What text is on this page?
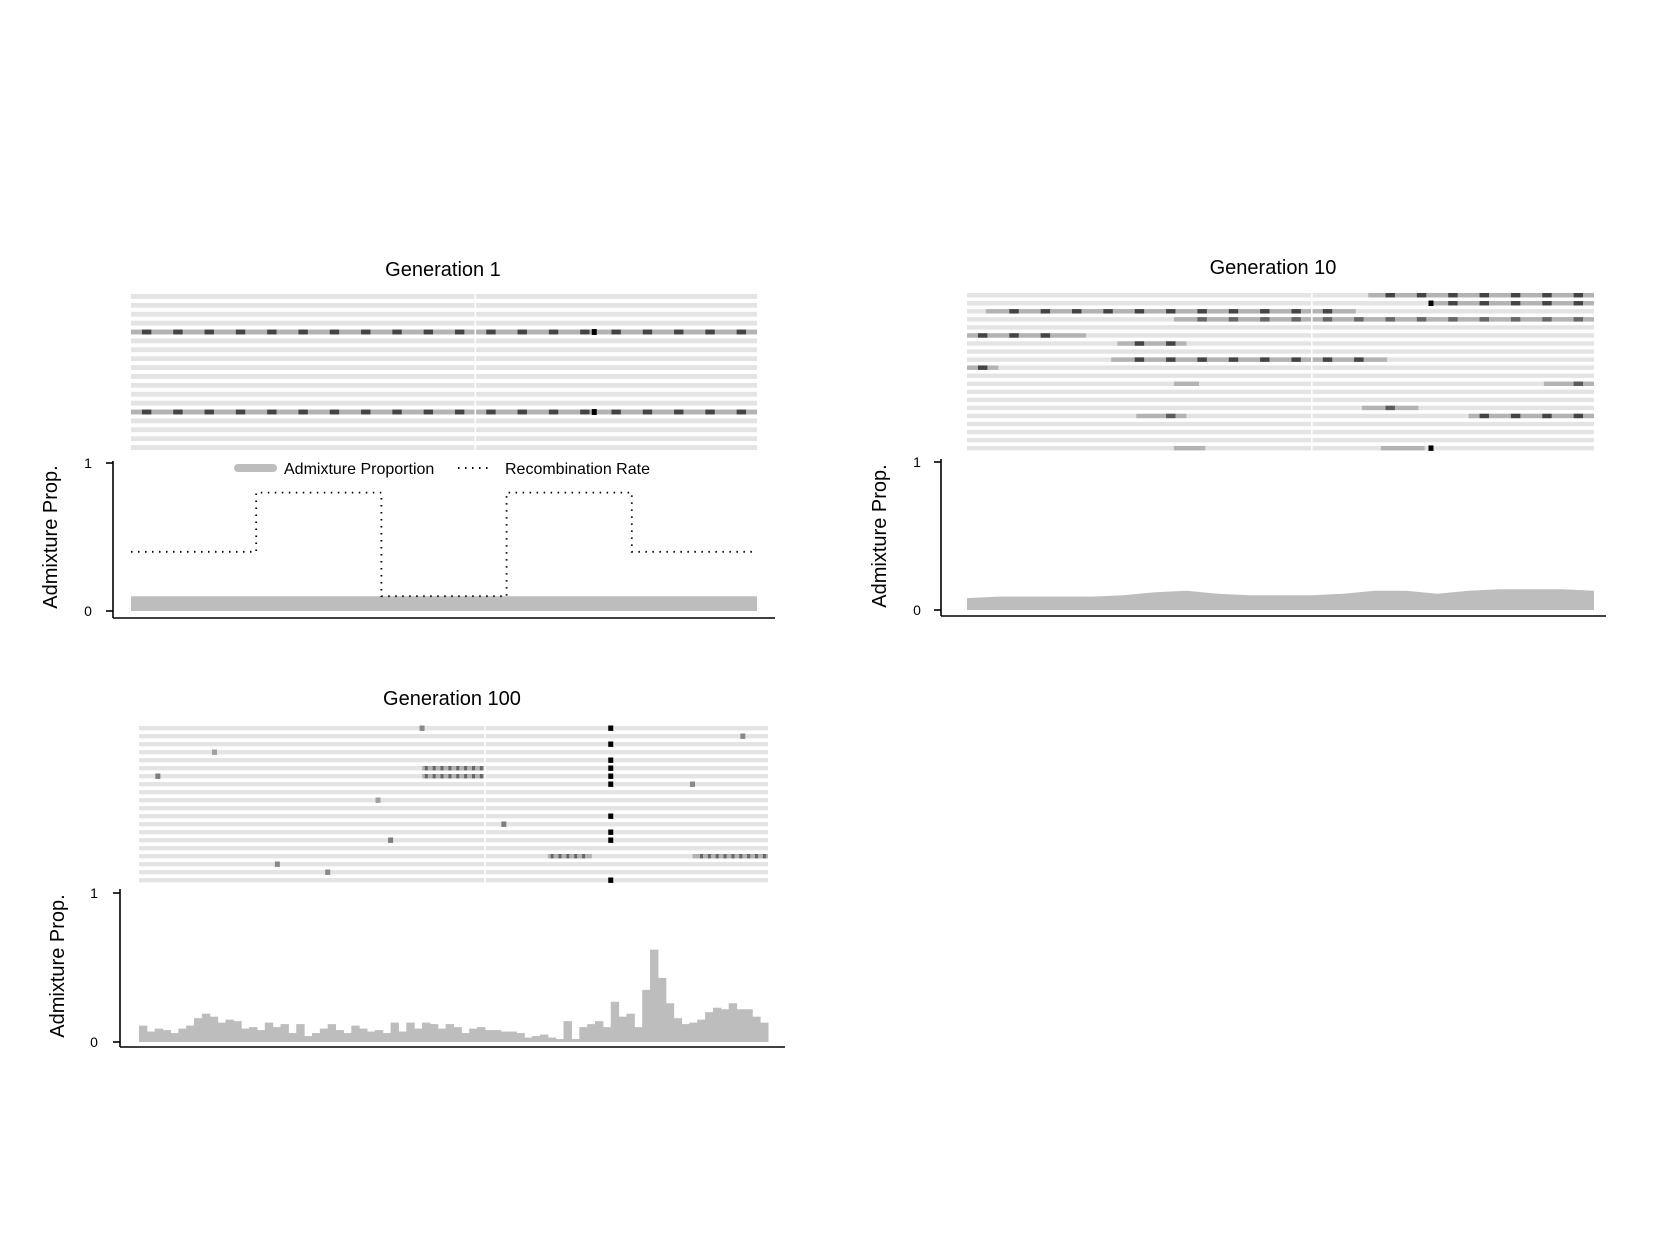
Generation 1
1
0
Admixture Prop.	Admixture Proportion	Recombination Rate
Generation 10
1
0
Admixture Prop.
Generation 100
1
0
Admixture Prop.
